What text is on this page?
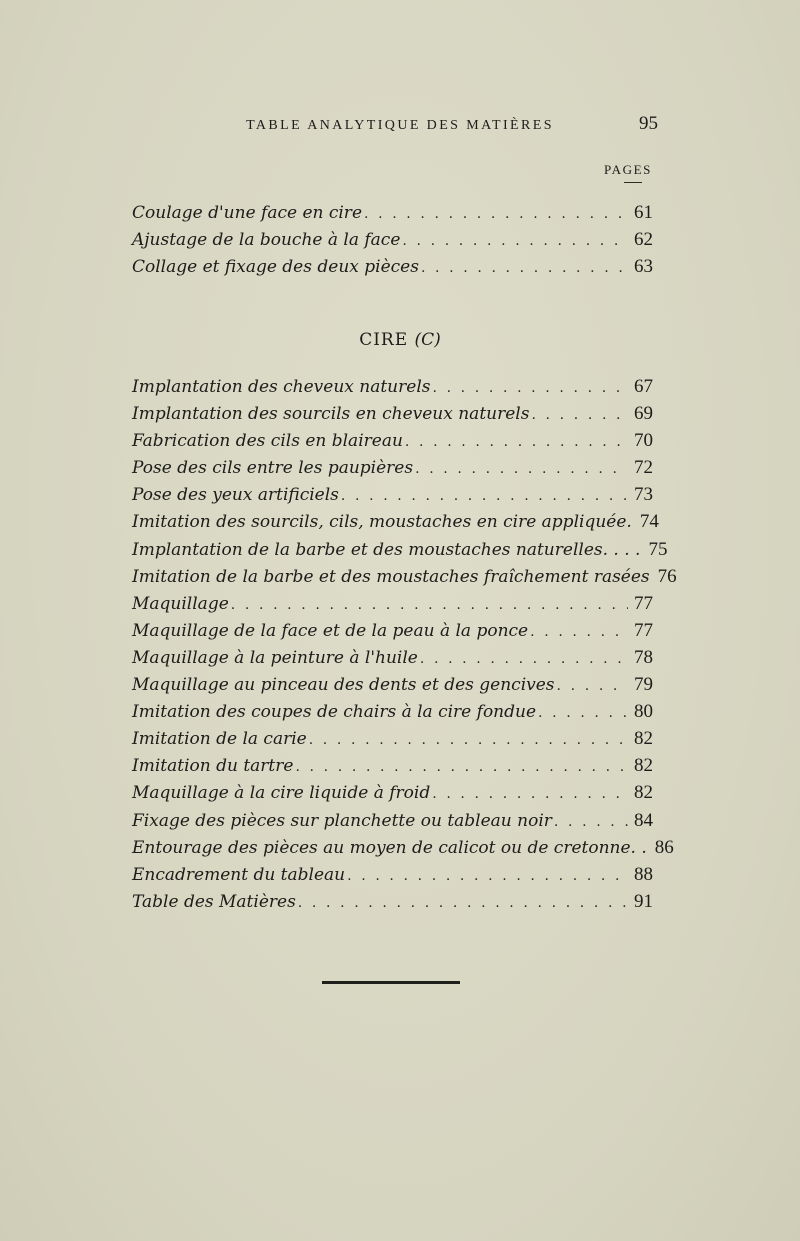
TABLE ANALYTIQUE DES MATIÈRES	95
PAGES
Coulage d'une face en cire . . .	61
Ajustage de la bouche à la face . . .	62
Collage et fixage des deux pièces . . .	63
CIRE (C)
Implantation des cheveux naturels . . .	67
Implantation des sourcils en cheveux naturels . . .	69
Fabrication des cils en blaireau . . .	70
Pose des cils entre les paupières . . .	72
Pose des yeux artificiels . . .	73
Imitation des sourcils, cils, moustaches en cire appliquée. 74
Implantation de la barbe et des moustaches naturelles. . . . 75
Imitation de la barbe et des moustaches fraîchement rasées 76
Maquillage . . .	77
Maquillage de la face et de la peau à la ponce . . .	77
Maquillage à la peinture à l'huile . . .	78
Maquillage au pinceau des dents et des gencives . . .	79
Imitation des coupes de chairs à la cire fondue . . .	80
Imitation de la carie . . .	82
Imitation du tartre . . .	82
Maquillage à la cire liquide à froid . . .	82
Fixage des pièces sur planchette ou tableau noir . . .	84
Entourage des pièces au moyen de calicot ou de cretonne. . 86
Encadrement du tableau . . .	88
Table des Matières . . .	91
